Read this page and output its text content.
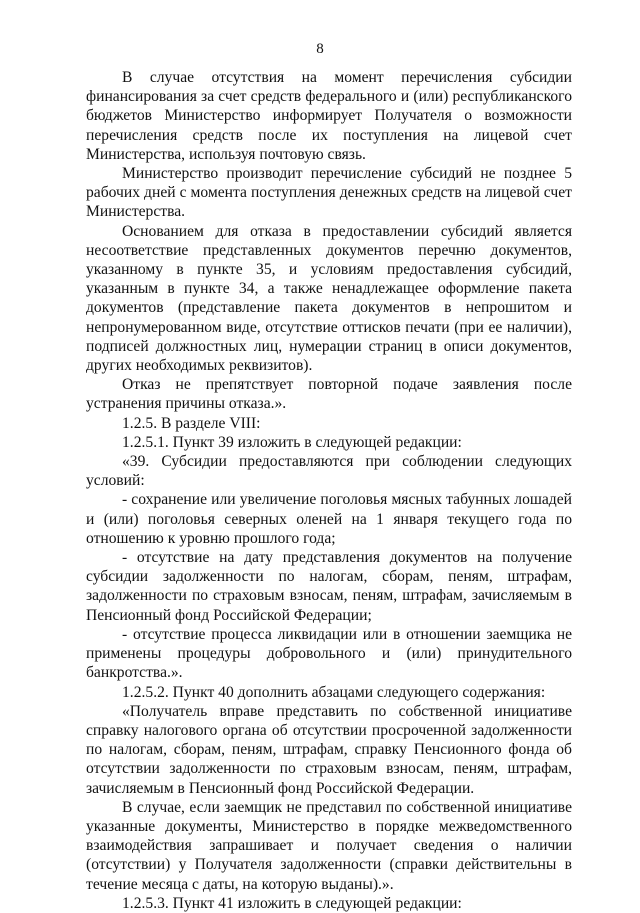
8

В случае отсутствия на момент перечисления субсидии финансирования за счет средств федерального и (или) республиканского бюджетов Министерство информирует Получателя о возможности перечисления средств после их поступления на лицевой счет Министерства, используя почтовую связь.

Министерство производит перечисление субсидий не позднее 5 рабочих дней с момента поступления денежных средств на лицевой счет Министерства.

Основанием для отказа в предоставлении субсидий является несоответствие представленных документов перечню документов, указанному в пункте 35, и условиям предоставления субсидий, указанным в пункте 34, а также ненадлежащее оформление пакета документов (представление пакета документов в непрошитом и непронумерованном виде, отсутствие оттисков печати (при ее наличии), подписей должностных лиц, нумерации страниц в описи документов, других необходимых реквизитов).

Отказ не препятствует повторной подаче заявления после устранения причины отказа.».

1.2.5. В разделе VIII:

1.2.5.1. Пункт 39 изложить в следующей редакции:

«39. Субсидии предоставляются при соблюдении следующих условий:

- сохранение или увеличение поголовья мясных табунных лошадей и (или) поголовья северных оленей на 1 января текущего года по отношению к уровню прошлого года;

- отсутствие на дату представления документов на получение субсидии задолженности по налогам, сборам, пеням, штрафам, задолженности по страховым взносам, пеням, штрафам, зачисляемым в Пенсионный фонд Российской Федерации;

- отсутствие процесса ликвидации или в отношении заемщика не применены процедуры добровольного и (или) принудительного банкротства.».

1.2.5.2. Пункт 40 дополнить абзацами следующего содержания:

«Получатель вправе представить по собственной инициативе справку налогового органа об отсутствии просроченной задолженности по налогам, сборам, пеням, штрафам, справку Пенсионного фонда об отсутствии задолженности по страховым взносам, пеням, штрафам, зачисляемым в Пенсионный фонд Российской Федерации.

В случае, если заемщик не представил по собственной инициативе указанные документы, Министерство в порядке межведомственного взаимодействия запрашивает и получает сведения о наличии (отсутствии) у Получателя задолженности (справки действительны в течение месяца с даты, на которую выданы).».

1.2.5.3. Пункт 41 изложить в следующей редакции:
